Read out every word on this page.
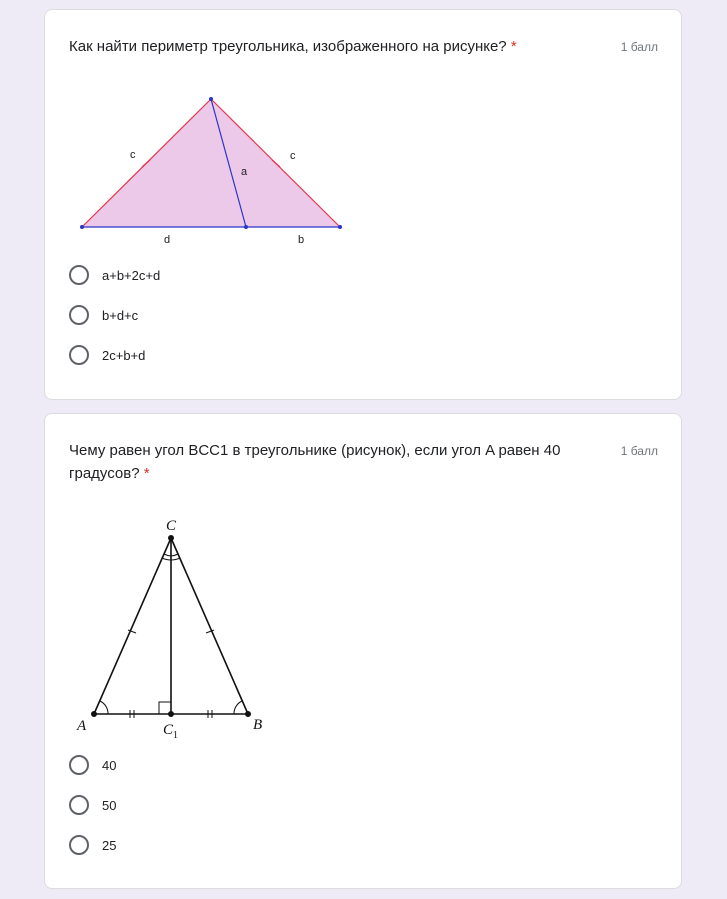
Как найти периметр треугольника, изображенного на рисунке? *	1 балл
c	c
a
d	b
a+b+2c+d
b+d+c
2c+b+d
Чему равен угол BCC1 в треугольнике (рисунок), если угол A равен 40 градусов? *
1 балл
C
A	B
$C_1$
40
50
25
